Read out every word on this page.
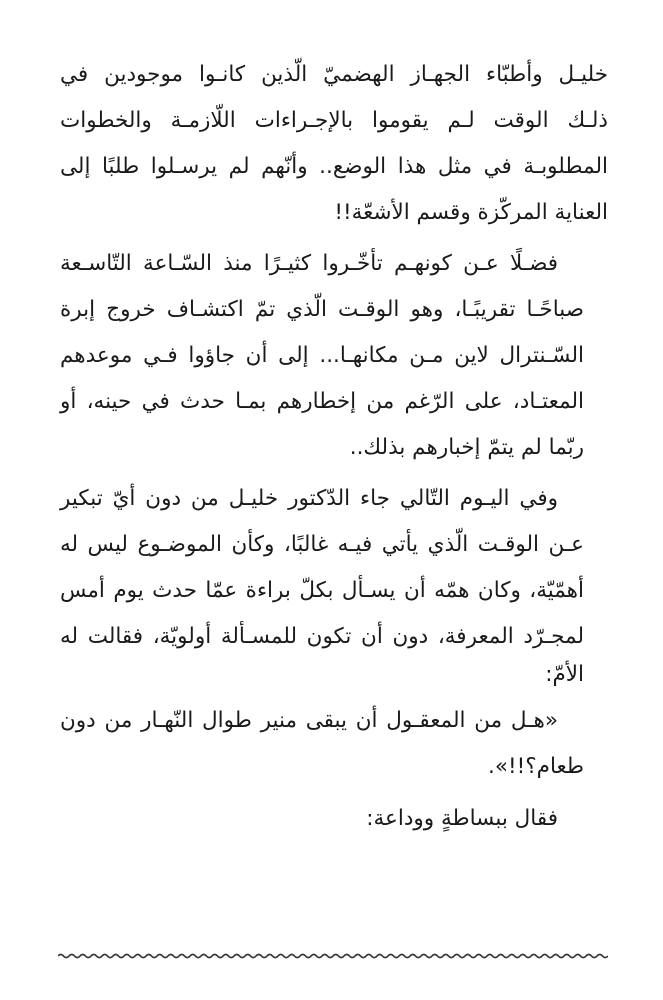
خليـل وأطبّاء الجهـاز الهضميّ الّذين كانـوا موجودين في
ذلـك الوقت لـم يقوموا بالإجـراءات اللّازمـة والخطوات
المطلوبـة في مثل هذا الوضع.. وأنّهم لم يرسـلوا طلبًا إلى
العناية المركّزة وقسم الأشعّة!!

فضـلًا عـن كونهـم تأخّـروا كثيـرًا منذ السّـاعة التّاسـعة
صباحًـا تقريبًـا، وهو الوقـت الّذي تمّ اكتشـاف خروج إبرة
السّـنترال لاين مـن مكانهـا... إلى أن جاؤوا فـي موعدهم
المعتـاد، على الرّغم من إخطارهم بمـا حدث في حينه، أو
ربّما لم يتمّ إخبارهم بذلك..

وفي اليـوم التّالي جاء الدّكتور خليـل من دون أيّ تبكير
عـن الوقـت الّذي يأتي فيـه غالبًا، وكأن الموضـوع ليس له
أهمّيّة، وكان همّه أن يسـأل بكلّ براءة عمّا حدث يوم أمس
لمجـرّد المعرفة، دون أن تكون للمسـألة أولويّة، فقالت له
الأمّ:

«هـل من المعقـول أن يبقى منير طوال النّهـار من دون
طعام؟!!».

فقال ببساطةٍ ووداعة:
